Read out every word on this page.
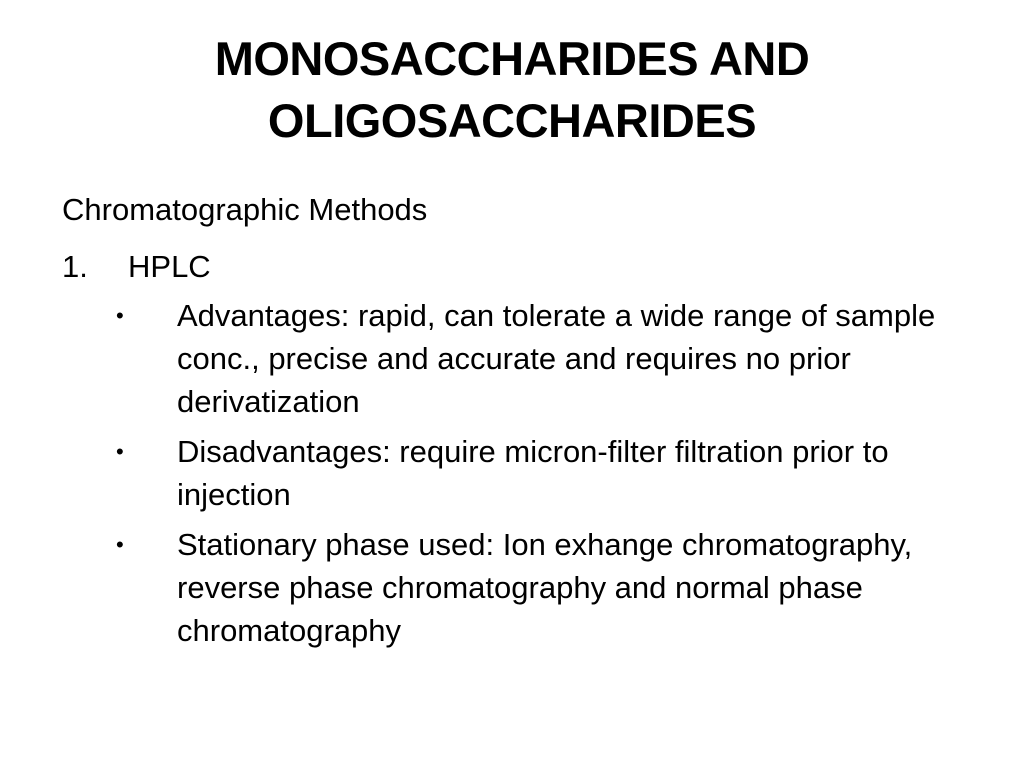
MONOSACCHARIDES AND
OLIGOSACCHARIDES
Chromatographic Methods
1.	HPLC
•	Advantages: rapid, can tolerate a wide range of sample conc., precise and accurate and requires no prior derivatization
•	Disadvantages: require micron-filter filtration prior to injection
•	Stationary phase used: Ion exhange chromatography, reverse phase chromatography and normal phase chromatography
